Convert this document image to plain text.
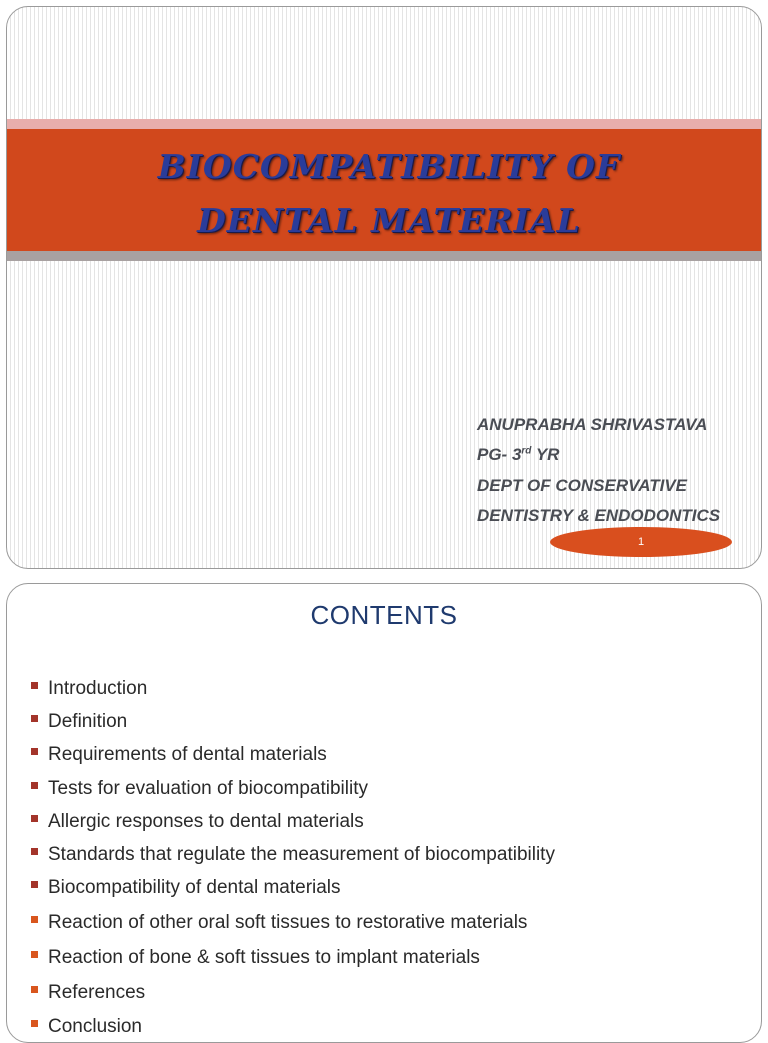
BIOCOMPATIBILITY OF
DENTAL MATERIAL
ANUPRABHA SHRIVASTAVA
PG- 3rd YR
DEPT OF CONSERVATIVE
DENTISTRY & ENDODONTICS
1
CONTENTS
Introduction
Definition
Requirements of dental materials
Tests for evaluation of biocompatibility
Allergic responses to dental materials
Standards that regulate the measurement of biocompatibility
Biocompatibility of dental materials
Reaction of other oral soft tissues to restorative materials
Reaction of bone & soft tissues to implant materials
References
Conclusion
